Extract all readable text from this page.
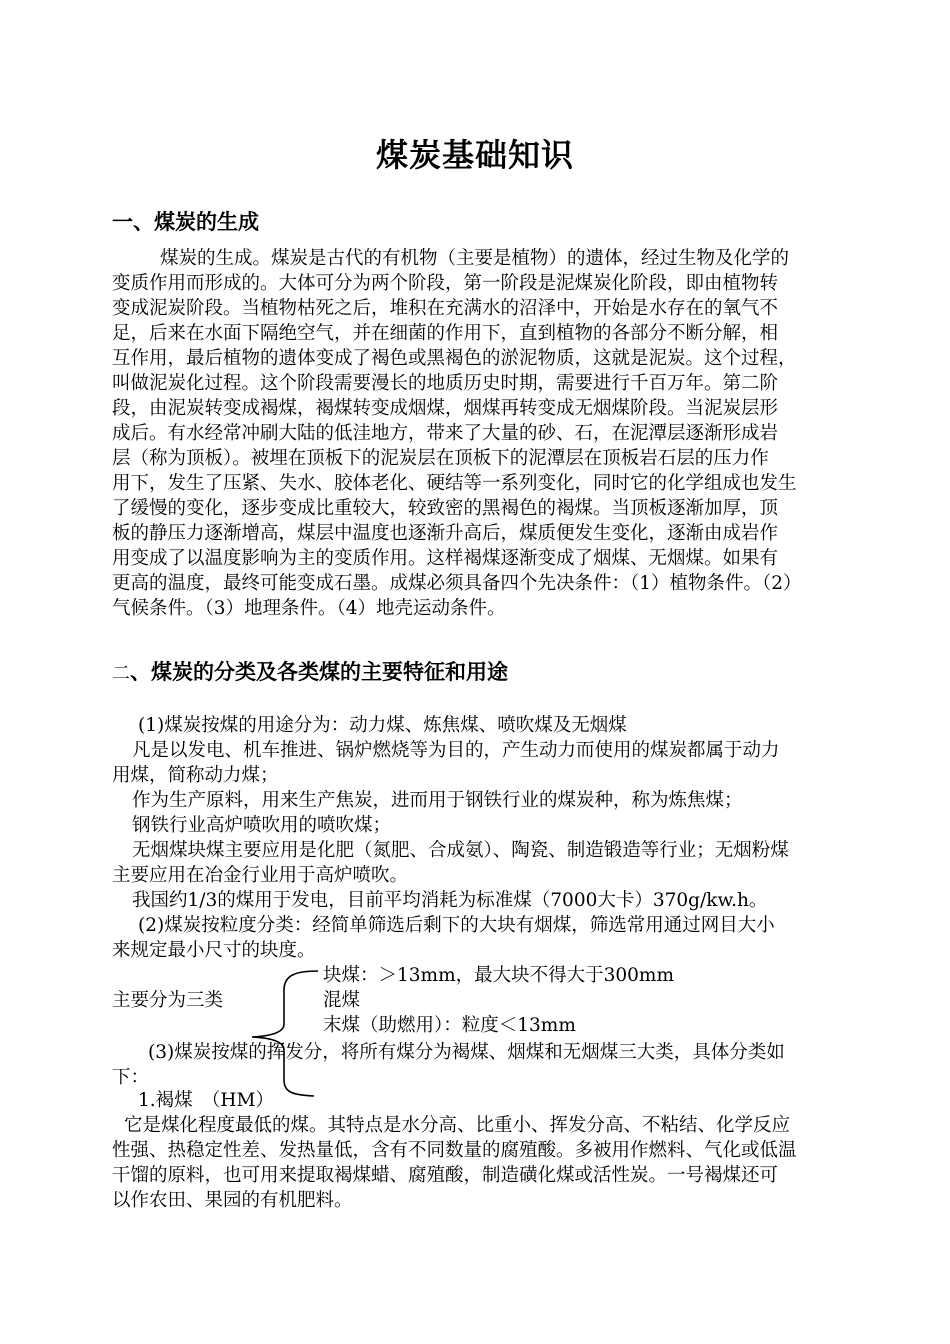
煤炭基础知识
一、煤炭的生成

煤炭的生成。煤炭是古代的有机物（主要是植物）的遗体，经过生物及化学的

变质作用而形成的。大体可分为两个阶段，第一阶段是泥煤炭化阶段，即由植物转

变成泥炭阶段。当植物枯死之后，堆积在充满水的沼泽中，开始是水存在的氧气不

足，后来在水面下隔绝空气，并在细菌的作用下，直到植物的各部分不断分解，相

互作用，最后植物的遗体变成了褐色或黑褐色的淤泥物质，这就是泥炭。这个过程，

叫做泥炭化过程。这个阶段需要漫长的地质历史时期，需要进行千百万年。第二阶

段，由泥炭转变成褐煤，褐煤转变成烟煤，烟煤再转变成无烟煤阶段。当泥炭层形

成后。有水经常冲刷大陆的低洼地方，带来了大量的砂、石，在泥潭层逐渐形成岩

层（称为顶板）。被埋在顶板下的泥炭层在顶板下的泥潭层在顶板岩石层的压力作

用下，发生了压紧、失水、胶体老化、硬结等一系列变化，同时它的化学组成也发生

了缓慢的变化，逐步变成比重较大，较致密的黑褐色的褐煤。当顶板逐渐加厚，顶

板的静压力逐渐增高，煤层中温度也逐渐升高后，煤质便发生变化，逐渐由成岩作

用变成了以温度影响为主的变质作用。这样褐煤逐渐变成了烟煤、无烟煤。如果有

更高的温度，最终可能变成石墨。成煤必须具备四个先决条件：（1）植物条件。（2）

气候条件。（3）地理条件。（4）地壳运动条件。

二、煤炭的分类及各类煤的主要特征和用途

(1)煤炭按煤的用途分为：动力煤、炼焦煤、喷吹煤及无烟煤

凡是以发电、机车推进、锅炉燃烧等为目的，产生动力而使用的煤炭都属于动力

用煤，简称动力煤；

作为生产原料，用来生产焦炭，进而用于钢铁行业的煤炭种，称为炼焦煤；

钢铁行业高炉喷吹用的喷吹煤；

无烟煤块煤主要应用是化肥（氮肥、合成氨）、陶瓷、制造锻造等行业；无烟粉煤

主要应用在冶金行业用于高炉喷吹。

我国约1/3的煤用于发电，目前平均消耗为标准煤（7000大卡）370g/kw.h。

(2)煤炭按粒度分类：经简单筛选后剩下的大块有烟煤，筛选常用通过网目大小

来规定最小尺寸的块度。

主要分为三类

块煤：＞13mm，最大块不得大于300mm

混煤

末煤（助燃用）：粒度＜13mm

(3)煤炭按煤的挥发分，将所有煤分为褐煤、烟煤和无烟煤三大类，具体分类如

下：

1.褐煤　（HM）

它是煤化程度最低的煤。其特点是水分高、比重小、挥发分高、不粘结、化学反应

性强、热稳定性差、发热量低，含有不同数量的腐殖酸。多被用作燃料、气化或低温

干馏的原料，也可用来提取褐煤蜡、腐殖酸，制造磺化煤或活性炭。一号褐煤还可

以作农田、果园的有机肥料。
